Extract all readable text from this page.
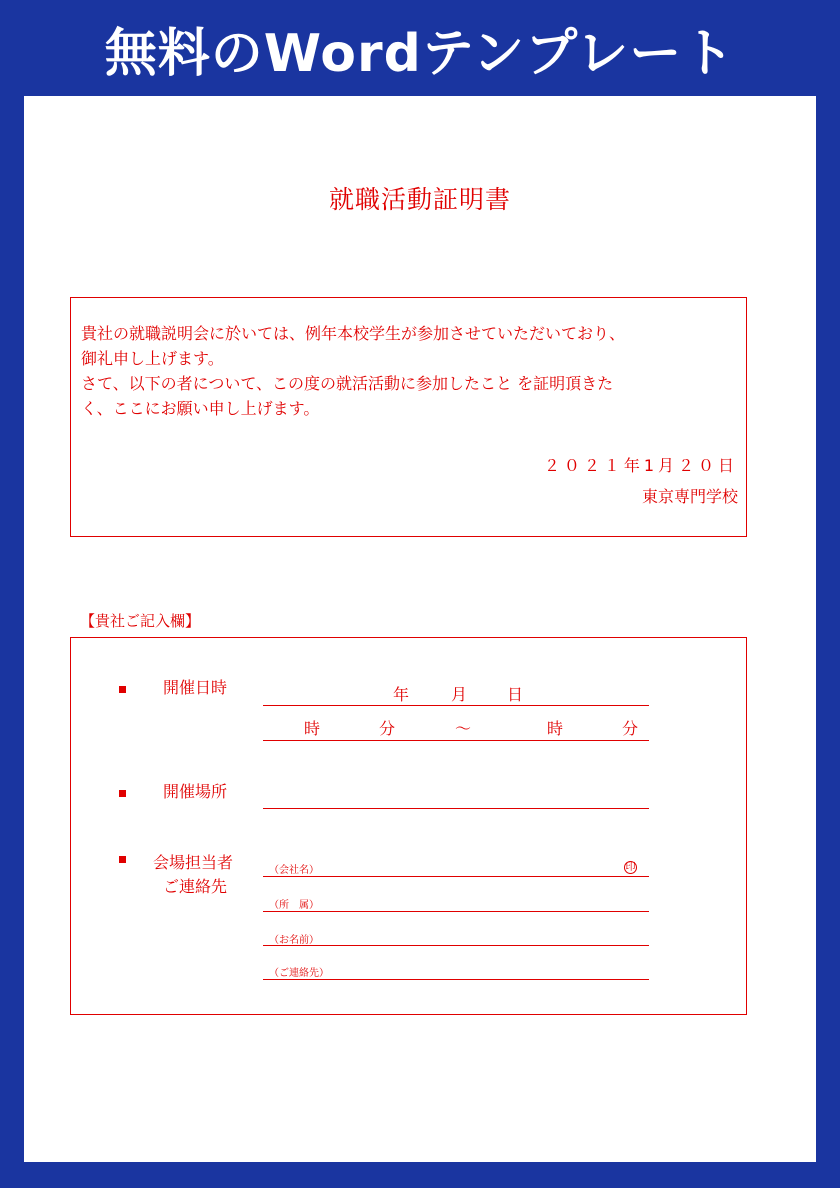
無料のWordテンプレート
就職活動証明書
貴社の就職説明会に於いては、例年本校学生が参加させていただいており、
御礼申し上げます。
さて、以下の者について、この度の就活活動に参加したこと を証明頂きた
く、ここにお願い申し上げます。
２０２１年1月２０日
東京専門学校
【貴社ご記入欄】
開催日時	年	月 日
時	分	～	時	分
開催場所
会場担当者
ご連絡先
（会社名）	印
（所　属）
（お名前）
（ご連絡先）
